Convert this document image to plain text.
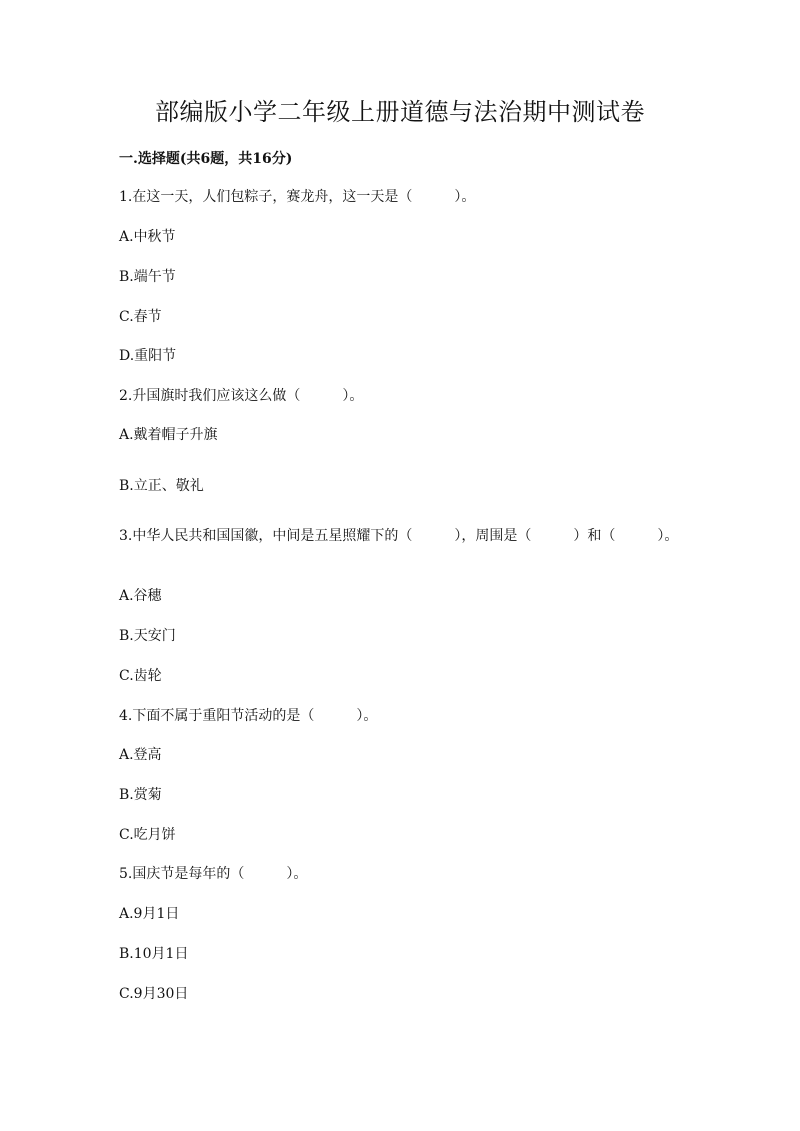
部编版小学二年级上册道德与法治期中测试卷
一.选择题(共6题，共16分)
1.在这一天，人们包粽子，赛龙舟，这一天是（　　　）。
A.中秋节
B.端午节
C.春节
D.重阳节
2.升国旗时我们应该这么做（　　　）。
A.戴着帽子升旗
B.立正、敬礼
3.中华人民共和国国徽，中间是五星照耀下的（　　　），周围是（　　　）和（　　　）。
A.谷穗
B.天安门
C.齿轮
4.下面不属于重阳节活动的是（　　　）。
A.登高
B.赏菊
C.吃月饼
5.国庆节是每年的（　　　）。
A.9月1日
B.10月1日
C.9月30日
